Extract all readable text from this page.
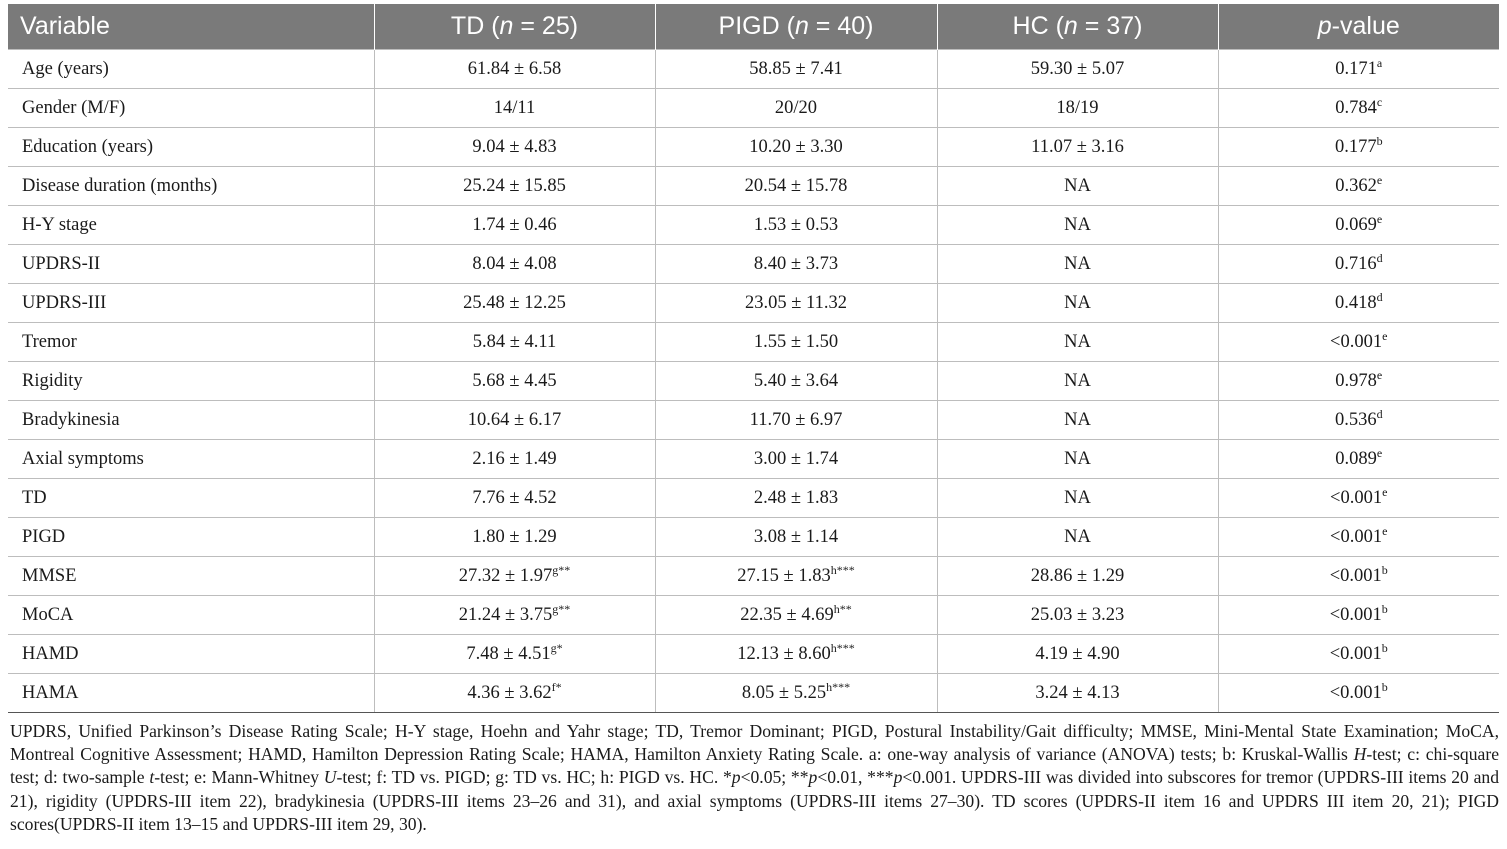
Variable	TD (n = 25)	PIGD (n = 40)	HC (n = 37)	p-value
Age (years)	61.84 ± 6.58	58.85 ± 7.41	59.30 ± 5.07	0.171$^a$
Gender (M/F)	14/11	20/20	18/19	0.784$^c$
Education (years)	9.04 ± 4.83	10.20 ± 3.30	11.07 ± 3.16	0.177$^b$
Disease duration (months)	25.24 ± 15.85	20.54 ± 15.78	NA	0.362e
H-Y stage	1.74 ± 0.46	1.53 ± 0.53	NA	0.069e
UPDRS-II	8.04 ± 4.08	8.40 ± 3.73	NA	0.716$^d$
UPDRS-III	25.48 ± 12.25	23.05 ± 11.32	NA	0.418$^d$
Tremor	5.84 ± 4.11	1.55 ± 1.50	NA	<0.001$^e$
Rigidity	5.68 ± 4.45	5.40 ± 3.64	NA	0.978e
Bradykinesia	10.64 ± 6.17	11.70 ± 6.97	NA	0.536$^d$
Axial symptoms	2.16 ± 1.49	3.00 ± 1.74	NA	0.089e
TD	7.76 ± 4.52	2.48 ± 1.83	NA	<0.001$^e$
PIGD	1.80 ± 1.29	3.08 ± 1.14	NA	<0.001$^e$
MMSE	$27.32 \pm 1.97^{g**}$	$27.15 \pm 1.83^{h***}$	28.86 ± 1.29	<0.001$^b$
MoCA	$21.24 \pm 3.75^{g**}$	$22.35 \pm 4.69^{h**}$	25.03 ± 3.23	<0.001$^b$
HAMD	$7.48 \pm 4.51^{g*}$	$12.13 \pm 8.60^{h***}$	4.19 ± 4.90	<0.001$^b$
HAMA	$4.36 \pm 3.62^{f*}$	$8.05 \pm 5.25^{h***}$	3.24 ± 4.13	<0.001$^b$
UPDRS, Unified Parkinson’s Disease Rating Scale; H-Y stage, Hoehn and Yahr stage; TD, Tremor Dominant; PIGD, Postural Instability/Gait difficulty; MMSE, Mini-Mental State Examination; MoCA, Montreal Cognitive Assessment; HAMD, Hamilton Depression Rating Scale; HAMA, Hamilton Anxiety Rating Scale. a: one-way analysis of variance (ANOVA) tests; b: Kruskal-Wallis H-test; c: chi-square test; d: two-sample t-test; e: Mann-Whitney U-test; f: TD vs. PIGD; g: TD vs. HC; h: PIGD vs. HC. *p<0.05; **p<0.01, ***p<0.001. UPDRS-III was divided into subscores for tremor (UPDRS-III items 20 and 21), rigidity (UPDRS-III item 22), bradykinesia (UPDRS-III items 23–26 and 31), and axial symptoms (UPDRS-III items 27–30). TD scores (UPDRS-II item 16 and UPDRS III item 20, 21); PIGD scores(UPDRS-II item 13–15 and UPDRS-III item 29, 30).
